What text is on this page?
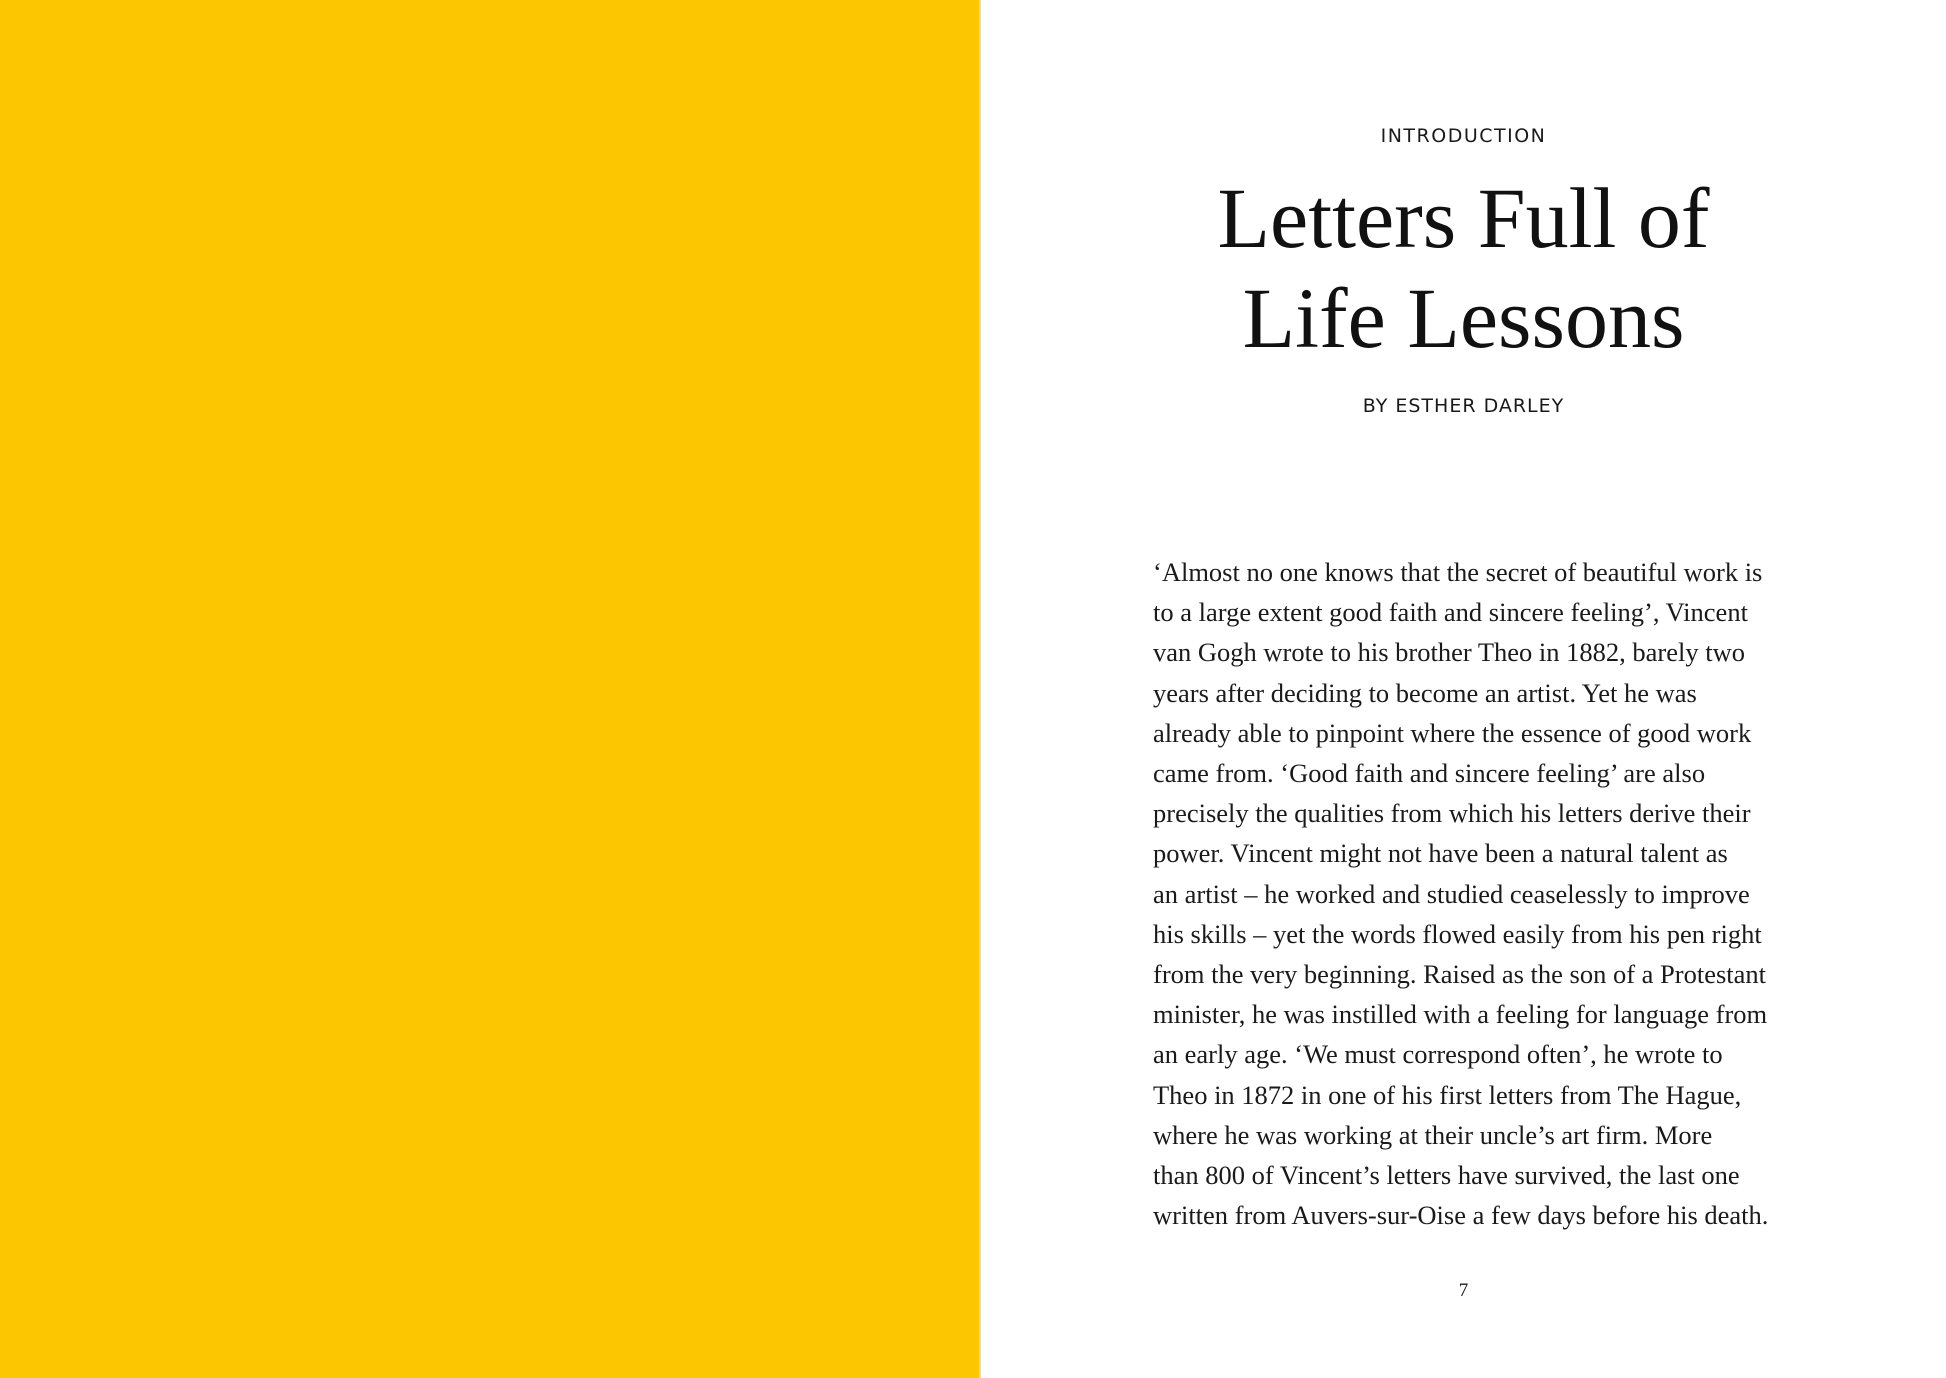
INTRODUCTION
Letters Full of
Life Lessons
BY ESTHER DARLEY
‘Almost no one knows that the secret of beautiful work is
to a large extent good faith and sincere feeling’, Vincent
van Gogh wrote to his brother Theo in 1882, barely two
years after deciding to become an artist. Yet he was
already able to pinpoint where the essence of good work
came from. ‘Good faith and sincere feeling’ are also
precisely the qualities from which his letters derive their
power. Vincent might not have been a natural talent as
an artist – he worked and studied ceaselessly to improve
his skills – yet the words flowed easily from his pen right
from the very beginning. Raised as the son of a Protestant
minister, he was instilled with a feeling for language from
an early age. ‘We must correspond often’, he wrote to
Theo in 1872 in one of his first letters from The Hague,
where he was working at their uncle’s art firm. More
than 800 of Vincent’s letters have survived, the last one
written from Auvers-sur-Oise a few days before his death.
7
